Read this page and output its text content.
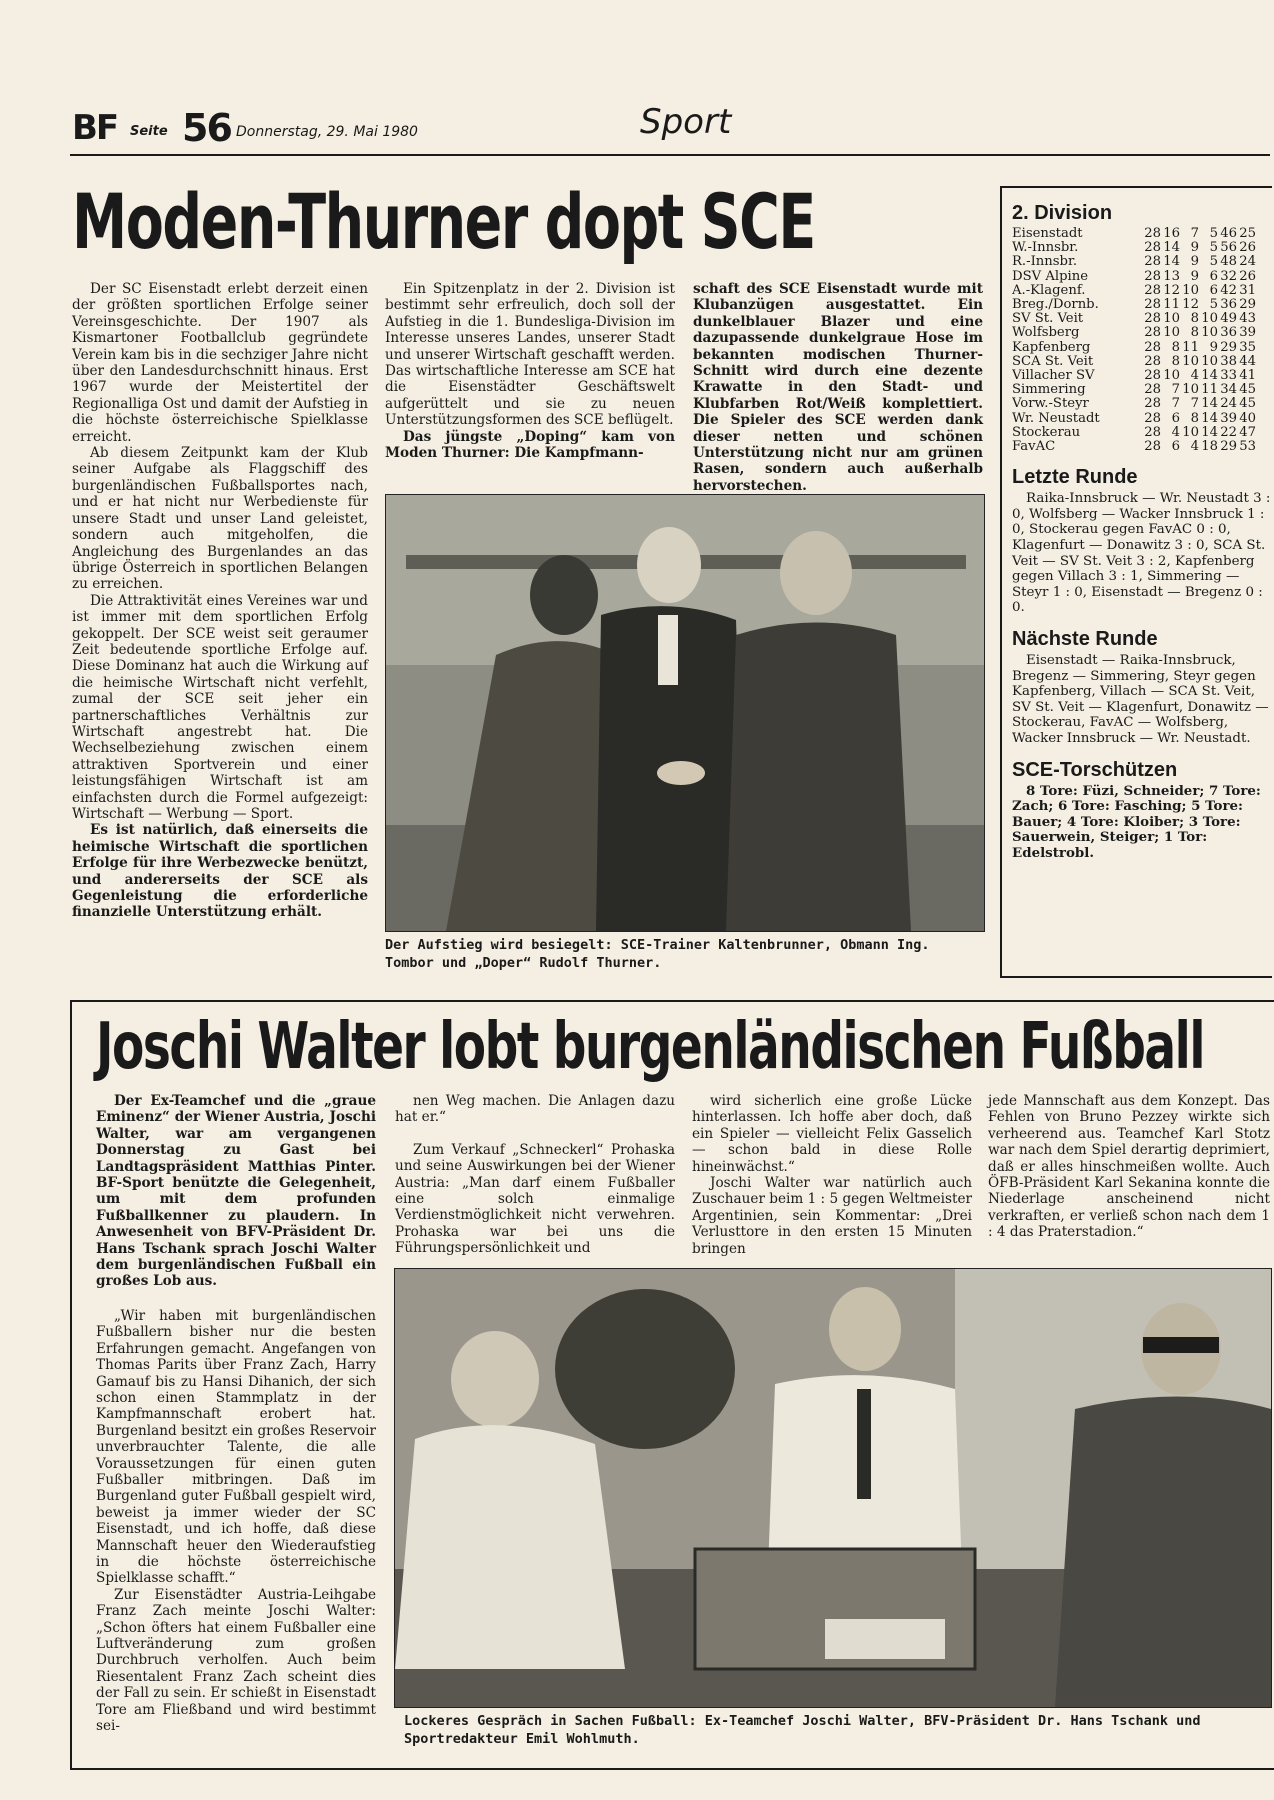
BF Seite 56 Donnerstag, 29. Mai 1980	Sport
Moden-Thurner dopt SCE

Der SC Eisenstadt erlebt derzeit einen der größten sportlichen Erfolge seiner Vereinsgeschichte. Der 1907 als Kismartoner Footballclub gegründete Verein kam bis in die sechziger Jahre nicht über den Landesdurchschnitt hinaus. Erst 1967 wurde der Meistertitel der Regionalliga Ost und damit der Aufstieg in die höchste österreichische Spielklasse erreicht.

Ab diesem Zeitpunkt kam der Klub seiner Aufgabe als Flaggschiff des burgenländischen Fußballsportes nach, und er hat nicht nur Werbedienste für unsere Stadt und unser Land geleistet, sondern auch mitgeholfen, die Angleichung des Burgenlandes an das übrige Österreich in sportlichen Belangen zu erreichen.

Die Attraktivität eines Vereines war und ist immer mit dem sportlichen Erfolg gekoppelt. Der SCE weist seit geraumer Zeit bedeutende sportliche Erfolge auf. Diese Dominanz hat auch die Wirkung auf die heimische Wirtschaft nicht verfehlt, zumal der SCE seit jeher ein partnerschaftliches Verhältnis zur Wirtschaft angestrebt hat. Die Wechselbeziehung zwischen einem attraktiven Sportverein und einer leistungsfähigen Wirtschaft ist am einfachsten durch die Formel aufgezeigt: Wirtschaft — Werbung — Sport.

Es ist natürlich, daß einerseits die heimische Wirtschaft die sportlichen Erfolge für ihre Werbezwecke benützt, und andererseits der SCE als Gegenleistung die erforderliche finanzielle Unterstützung erhält.

Ein Spitzenplatz in der 2. Division ist bestimmt sehr erfreulich, doch soll der Aufstieg in die 1. Bundesliga-Division im Interesse unseres Landes, unserer Stadt und unserer Wirtschaft geschafft werden. Das wirtschaftliche Interesse am SCE hat die Eisenstädter Geschäftswelt aufgerüttelt und sie zu neuen Unterstützungsformen des SCE beflügelt.

Das jüngste „Doping“ kam von Moden Thurner: Die Kampfmann-

schaft des SCE Eisenstadt wurde mit Klubanzügen ausgestattet. Ein dunkelblauer Blazer und eine dazupassende dunkelgraue Hose im bekannten modischen Thurner-Schnitt wird durch eine dezente Krawatte in den Stadt- und Klubfarben Rot/Weiß komplettiert. Die Spieler des SCE werden dank dieser netten und schönen Unterstützung nicht nur am grünen Rasen, sondern auch außerhalb hervorstechen.

Der Aufstieg wird besiegelt: SCE-Trainer Kaltenbrunner, Obmann Ing. Tombor und „Doper“ Rudolf Thurner.
2. Division
Eisenstadt	28 16 7 5 46 25
W.-Innsbr.	28 14 9 5 56 26
R.-Innsbr.	28 14 9 5 48 24
DSV Alpine	28 13 9 6 32 26
A.-Klagenf.	28 12 10 6 42 31
Breg./Dornb.	28 11 12 5 36 29
SV St. Veit	28 10 8 10 49 43
Wolfsberg	28 10 8 10 36 39
Kapfenberg	28 8 11 9 29 35
SCA St. Veit	28 8 10 10 38 44
Villacher SV	28 10 4 14 33 41
Simmering	28 7 10 11 34 45
Vorw.-Steyr	28 7 7 14 24 45
Wr. Neustadt	28 6 8 14 39 40
Stockerau	28 4 10 14 22 47
FavAC	28 6 4 18 29 53
Letzte Runde
Raika-Innsbruck — Wr. Neustadt 3 : 0, Wolfsberg — Wacker Innsbruck 1 : 0, Stockerau gegen FavAC 0 : 0, Klagenfurt — Donawitz 3 : 0, SCA St. Veit — SV St. Veit 3 : 2, Kapfenberg gegen Villach 3 : 1, Simmering — Steyr 1 : 0, Eisenstadt — Bregenz 0 : 0.
Nächste Runde
Eisenstadt — Raika-Innsbruck, Bregenz — Simmering, Steyr gegen Kapfenberg, Villach — SCA St. Veit, SV St. Veit — Klagenfurt, Donawitz — Stockerau, FavAC — Wolfsberg, Wacker Innsbruck — Wr. Neustadt.
SCE-Torschützen
8 Tore: Füzi, Schneider; 7 Tore: Zach; 6 Tore: Fasching; 5 Tore: Bauer; 4 Tore: Kloiber; 3 Tore: Sauerwein, Steiger; 1 Tor: Edelstrobl.
Joschi Walter lobt burgenländischen Fußball

Der Ex-Teamchef und die „graue Eminenz“ der Wiener Austria, Joschi Walter, war am vergangenen Donnerstag zu Gast bei Landtagspräsident Matthias Pinter. BF-Sport benützte die Gelegenheit, um mit dem profunden Fußballkenner zu plaudern. In Anwesenheit von BFV-Präsident Dr. Hans Tschank sprach Joschi Walter dem burgenländischen Fußball ein großes Lob aus.

„Wir haben mit burgenländischen Fußballern bisher nur die besten Erfahrungen gemacht. Angefangen von Thomas Parits über Franz Zach, Harry Gamauf bis zu Hansi Dihanich, der sich schon einen Stammplatz in der Kampfmannschaft erobert hat. Burgenland besitzt ein großes Reservoir unverbrauchter Talente, die alle Voraussetzungen für einen guten Fußballer mitbringen. Daß im Burgenland guter Fußball gespielt wird, beweist ja immer wieder der SC Eisenstadt, und ich hoffe, daß diese Mannschaft heuer den Wiederaufstieg in die höchste österreichische Spielklasse schafft.“

Zur Eisenstädter Austria-Leihgabe Franz Zach meinte Joschi Walter: „Schon öfters hat einem Fußballer eine Luftveränderung zum großen Durchbruch verholfen. Auch beim Riesentalent Franz Zach scheint dies der Fall zu sein. Er schießt in Eisenstadt Tore am Fließband und wird bestimmt sei-

nen Weg machen. Die Anlagen dazu hat er.“

Zum Verkauf „Schneckerl“ Prohaska und seine Auswirkungen bei der Wiener Austria: „Man darf einem Fußballer eine solch einmalige Verdienstmöglichkeit nicht verwehren. Prohaska war bei uns die Führungspersönlichkeit und

wird sicherlich eine große Lücke hinterlassen. Ich hoffe aber doch, daß ein Spieler — vielleicht Felix Gasselich — schon bald in diese Rolle hineinwächst.“

Joschi Walter war natürlich auch Zuschauer beim 1 : 5 gegen Weltmeister Argentinien, sein Kommentar: „Drei Verlusttore in den ersten 15 Minuten bringen

jede Mannschaft aus dem Konzept. Das Fehlen von Bruno Pezzey wirkte sich verheerend aus. Teamchef Karl Stotz war nach dem Spiel derartig deprimiert, daß er alles hinschmeißen wollte. Auch ÖFB-Präsident Karl Sekanina konnte die Niederlage anscheinend nicht verkraften, er verließ schon nach dem 1 : 4 das Praterstadion.“

Lockeres Gespräch in Sachen Fußball: Ex-Teamchef Joschi Walter, BFV-Präsident Dr. Hans Tschank und Sportredakteur Emil Wohlmuth.
